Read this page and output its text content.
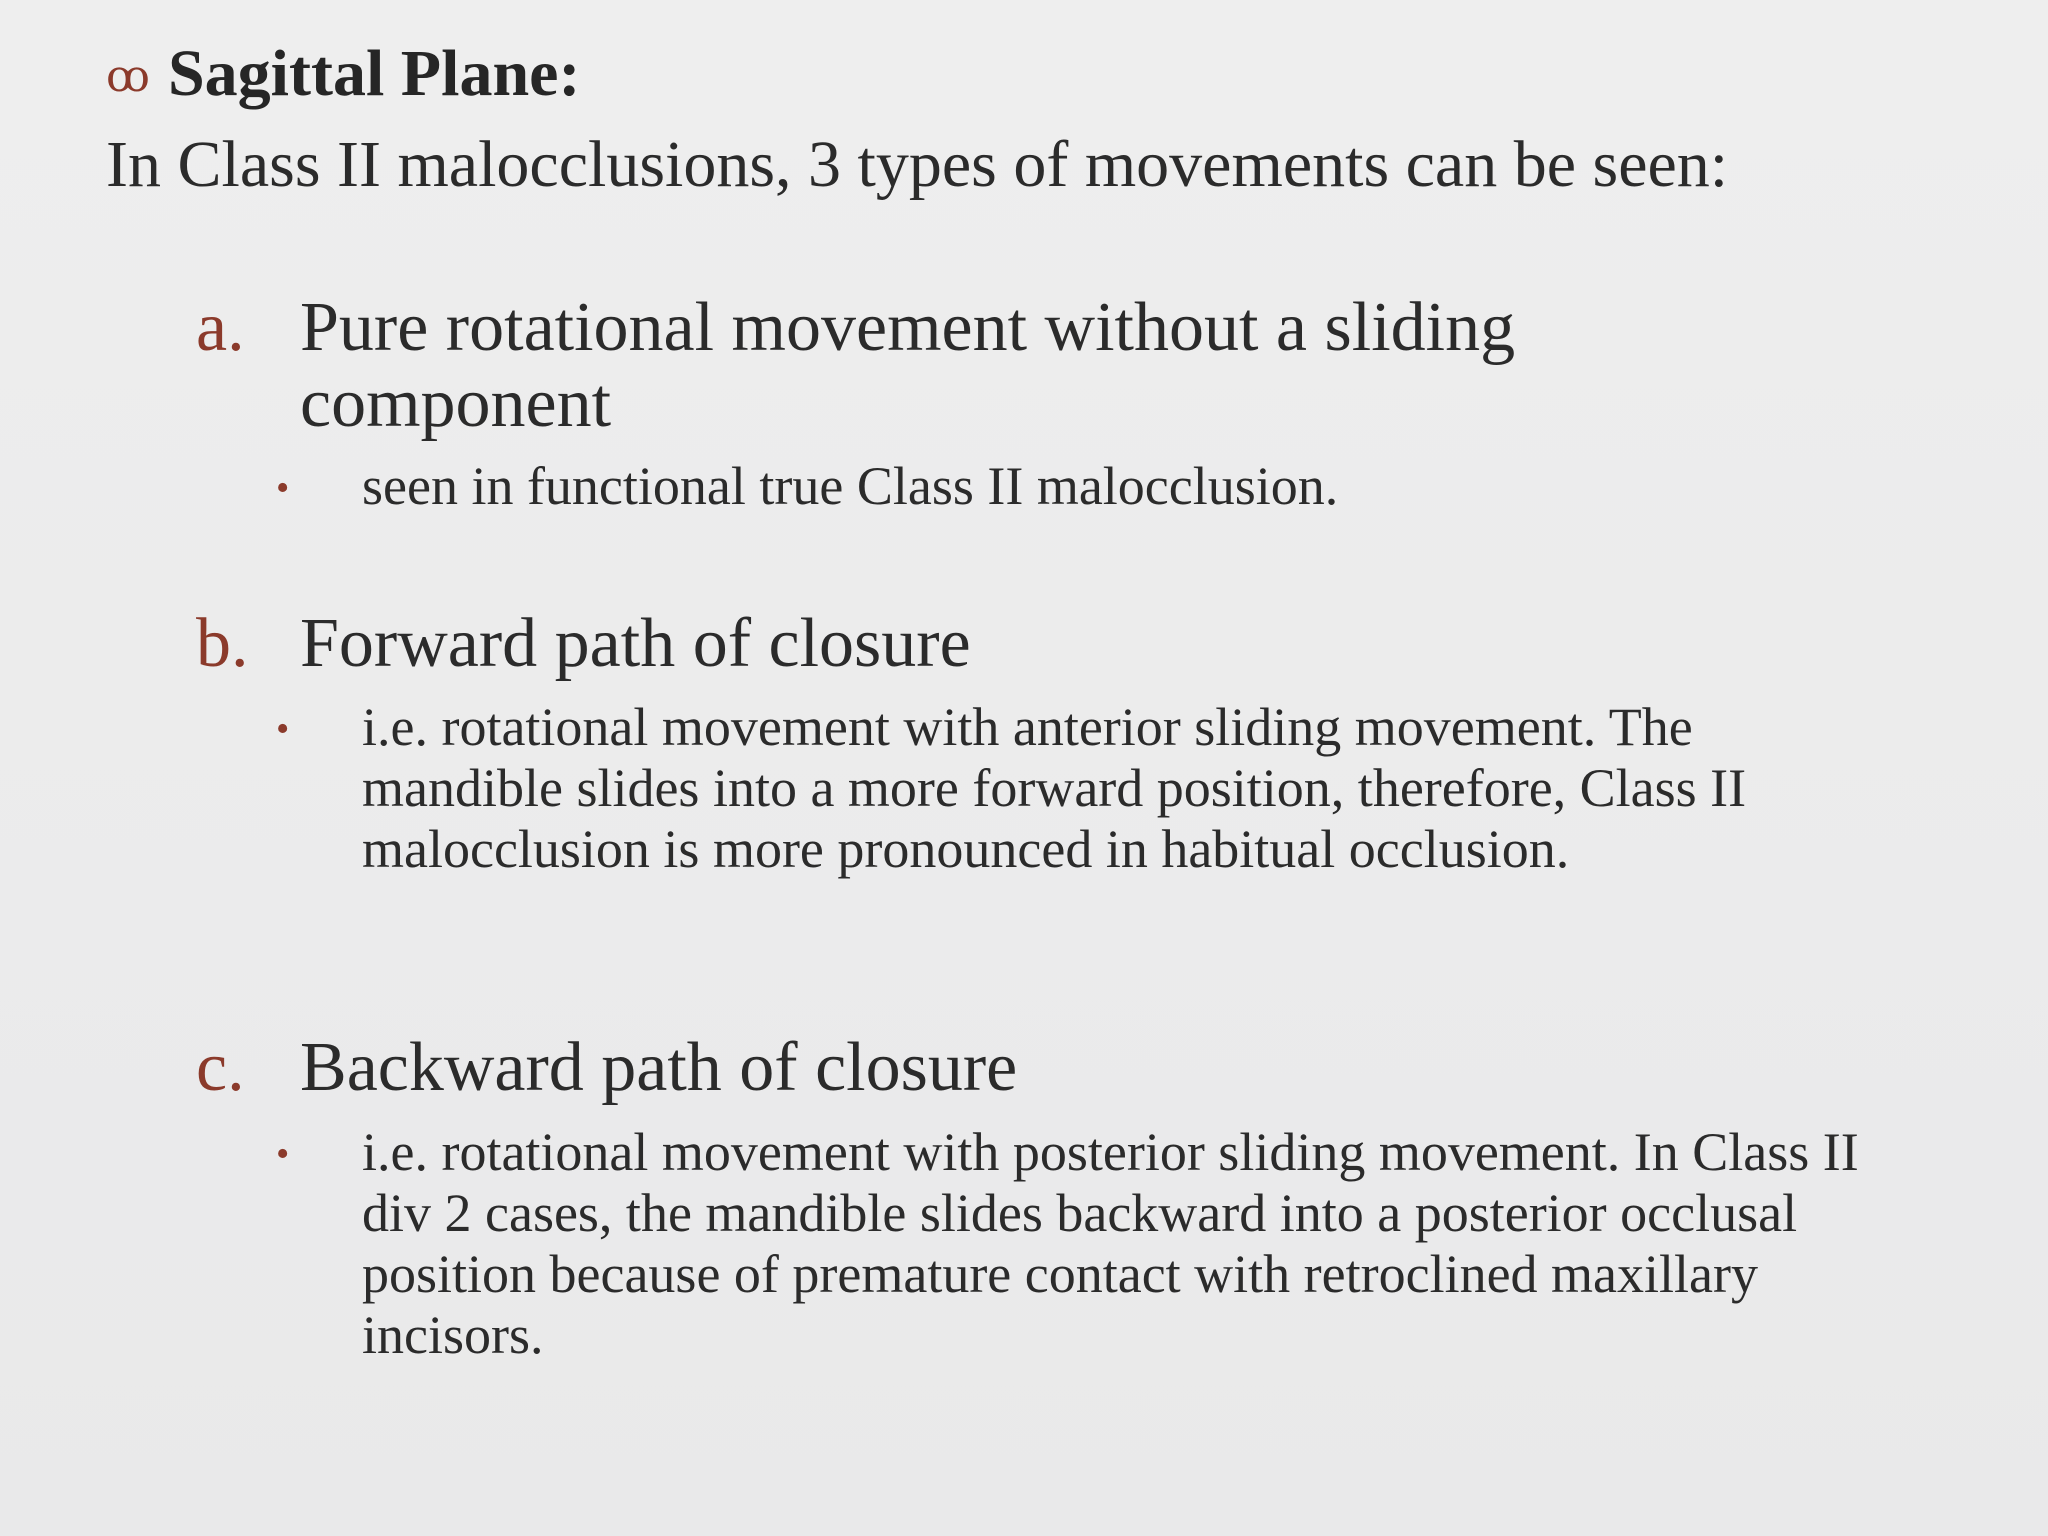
ꝏ Sagittal Plane:
In Class II malocclusions, 3 types of movements can be seen:
a. Pure rotational movement without a sliding component
•	seen in functional true Class II malocclusion.
b. Forward path of closure
•	i.e. rotational movement with anterior sliding movement. The mandible slides into a more forward position, therefore, Class II malocclusion is more pronounced in habitual occlusion.
c. Backward path of closure
•	i.e. rotational movement with posterior sliding movement. In Class II div 2 cases, the mandible slides backward into a posterior occlusal position because of premature contact with retroclined maxillary incisors.
